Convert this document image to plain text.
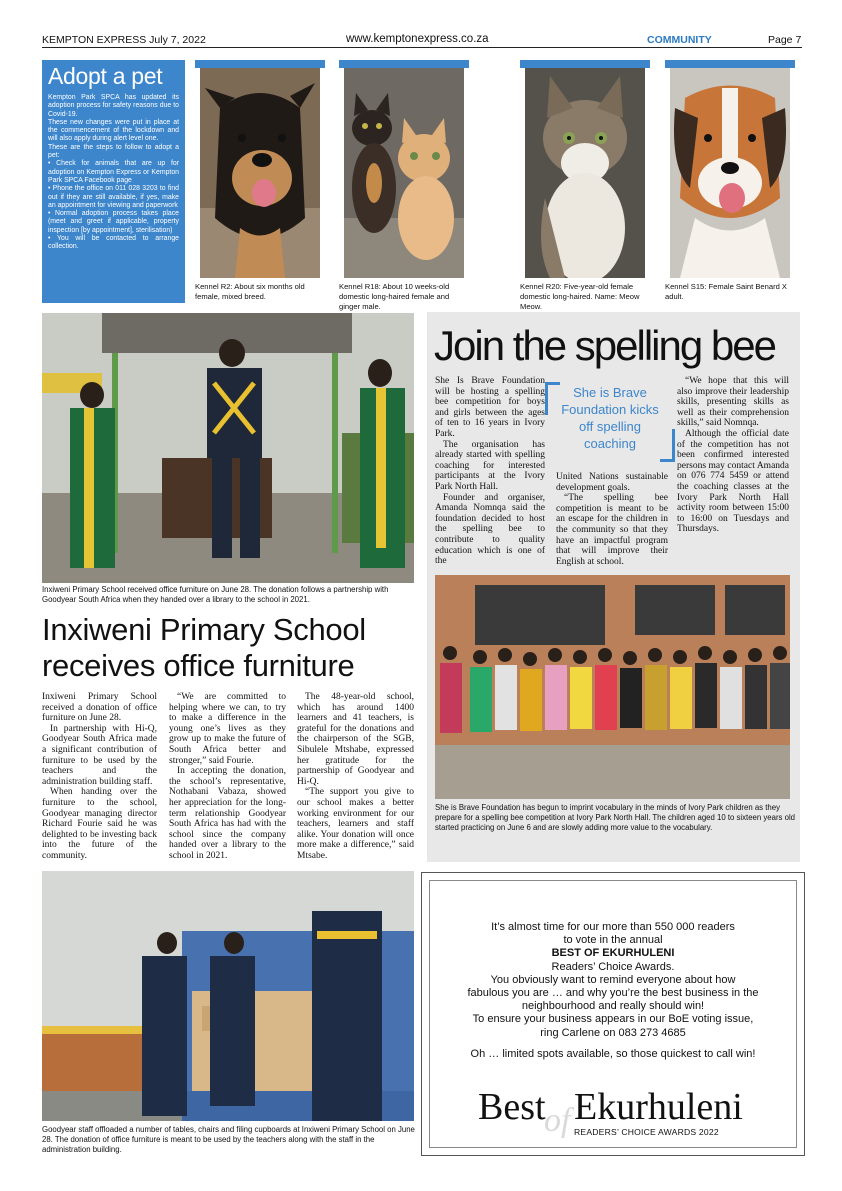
KEMPTON EXPRESS July 7, 2022	www.kemptonexpress.co.za	COMMUNITY	Page 7
Adopt a pet

Kempton Park SPCA has updated its adoption process for safety reasons due to Covid-19.

These new changes were put in place at the commencement of the lockdown and will also apply during alert level one.

These are the steps to follow to adopt a pet:

• Check for animals that are up for adoption on Kempton Express or Kempton Park SPCA Facebook page

• Phone the office on 011 028 3203 to find out if they are still available, if yes, make an appointment for viewing and paperwork

• Normal adoption process takes place (meet and greet if applicable, property inspection [by appointment], sterilisation)

• You will be contacted to arrange collection.

Kennel R2: About six months old female, mixed breed.
Kennel R18: About 10 weeks-old domestic long-haired female and ginger male.
Kennel R20: Five-year-old female domestic long-haired. Name: Meow Meow.
Kennel S15: Female Saint Benard X adult.
Inxiweni Primary School received office furniture on June 28. The donation follows a partnership with Goodyear South Africa when they handed over a library to the school in 2021.
Inxiweni Primary School
receives office furniture

Inxiweni Primary School received a donation of office furniture on June 28.

In partnership with Hi-Q, Goodyear South Africa made a significant contribution of furniture to be used by the teachers and the administration building staff.

When handing over the furniture to the school, Goodyear managing director Richard Fourie said he was delighted to be investing back into the future of the community.

“We are committed to helping where we can, to try to make a difference in the young one’s lives as they grow up to make the future of South Africa better and stronger,” said Fourie.

In accepting the donation, the school’s representative, Nothabani Vabaza, showed her appreciation for the long-term relationship Goodyear South Africa has had with the school since the company handed over a library to the school in 2021.

The 48-year-old school, which has around 1400 learners and 41 teachers, is grateful for the donations and the chairperson of the SGB, Sibulele Mtshabe, expressed her gratitude for the partnership of Goodyear and Hi-Q.

“The support you give to our school makes a better working environment for our teachers, learners and staff alike. Your donation will once more make a difference,” said Mtsabe.

Goodyear staff offloaded a number of tables, chairs and filing cupboards at Inxiweni Primary School on June 28. The donation of office furniture is meant to be used by the teachers along with the staff in the administration building.
Join the spelling bee

She Is Brave Foundation will be hosting a spelling bee competition for boys and girls between the ages of ten to 16 years in Ivory Park.

The organisation has already started with spelling coaching for interested participants at the Ivory Park North Hall.

Founder and organiser, Amanda Nomnqa said the foundation decided to host the spelling bee to contribute to quality education which is one of the

She is Brave Foundation kicks off spelling coaching

United Nations sustainable development goals.

“The spelling bee competition is meant to be an escape for the children in the community so that they have an impactful program that will improve their English at school.

“We hope that this will also improve their leadership skills, presenting skills as well as their comprehension skills,” said Nomnqa.

Although the official date of the competition has not been confirmed interested persons may contact Amanda on 076 774 5459 or attend the coaching classes at the Ivory Park North Hall activity room between 15:00 to 16:00 on Tuesdays and Thursdays.

She is Brave Foundation has begun to imprint vocabulary in the minds of Ivory Park children as they prepare for a spelling bee competition at Ivory Park North Hall. The children aged 10 to sixteen years old started practicing on June 6 and are slowly adding more value to the vocabulary.
It’s almost time for our more than 550 000 readers
to vote in the annual
BEST OF EKURHULENI
Readers’ Choice Awards.
You obviously want to remind everyone about how
fabulous you are … and why you’re the best business in the
neighbourhood and really should win!
To ensure your business appears in our BoE voting issue,
ring Carlene on 083 273 4685
Oh … limited spots available, so those quickest to call win!
Best
of Ekurhuleni
READERS’ CHOICE AWARDS 2022
